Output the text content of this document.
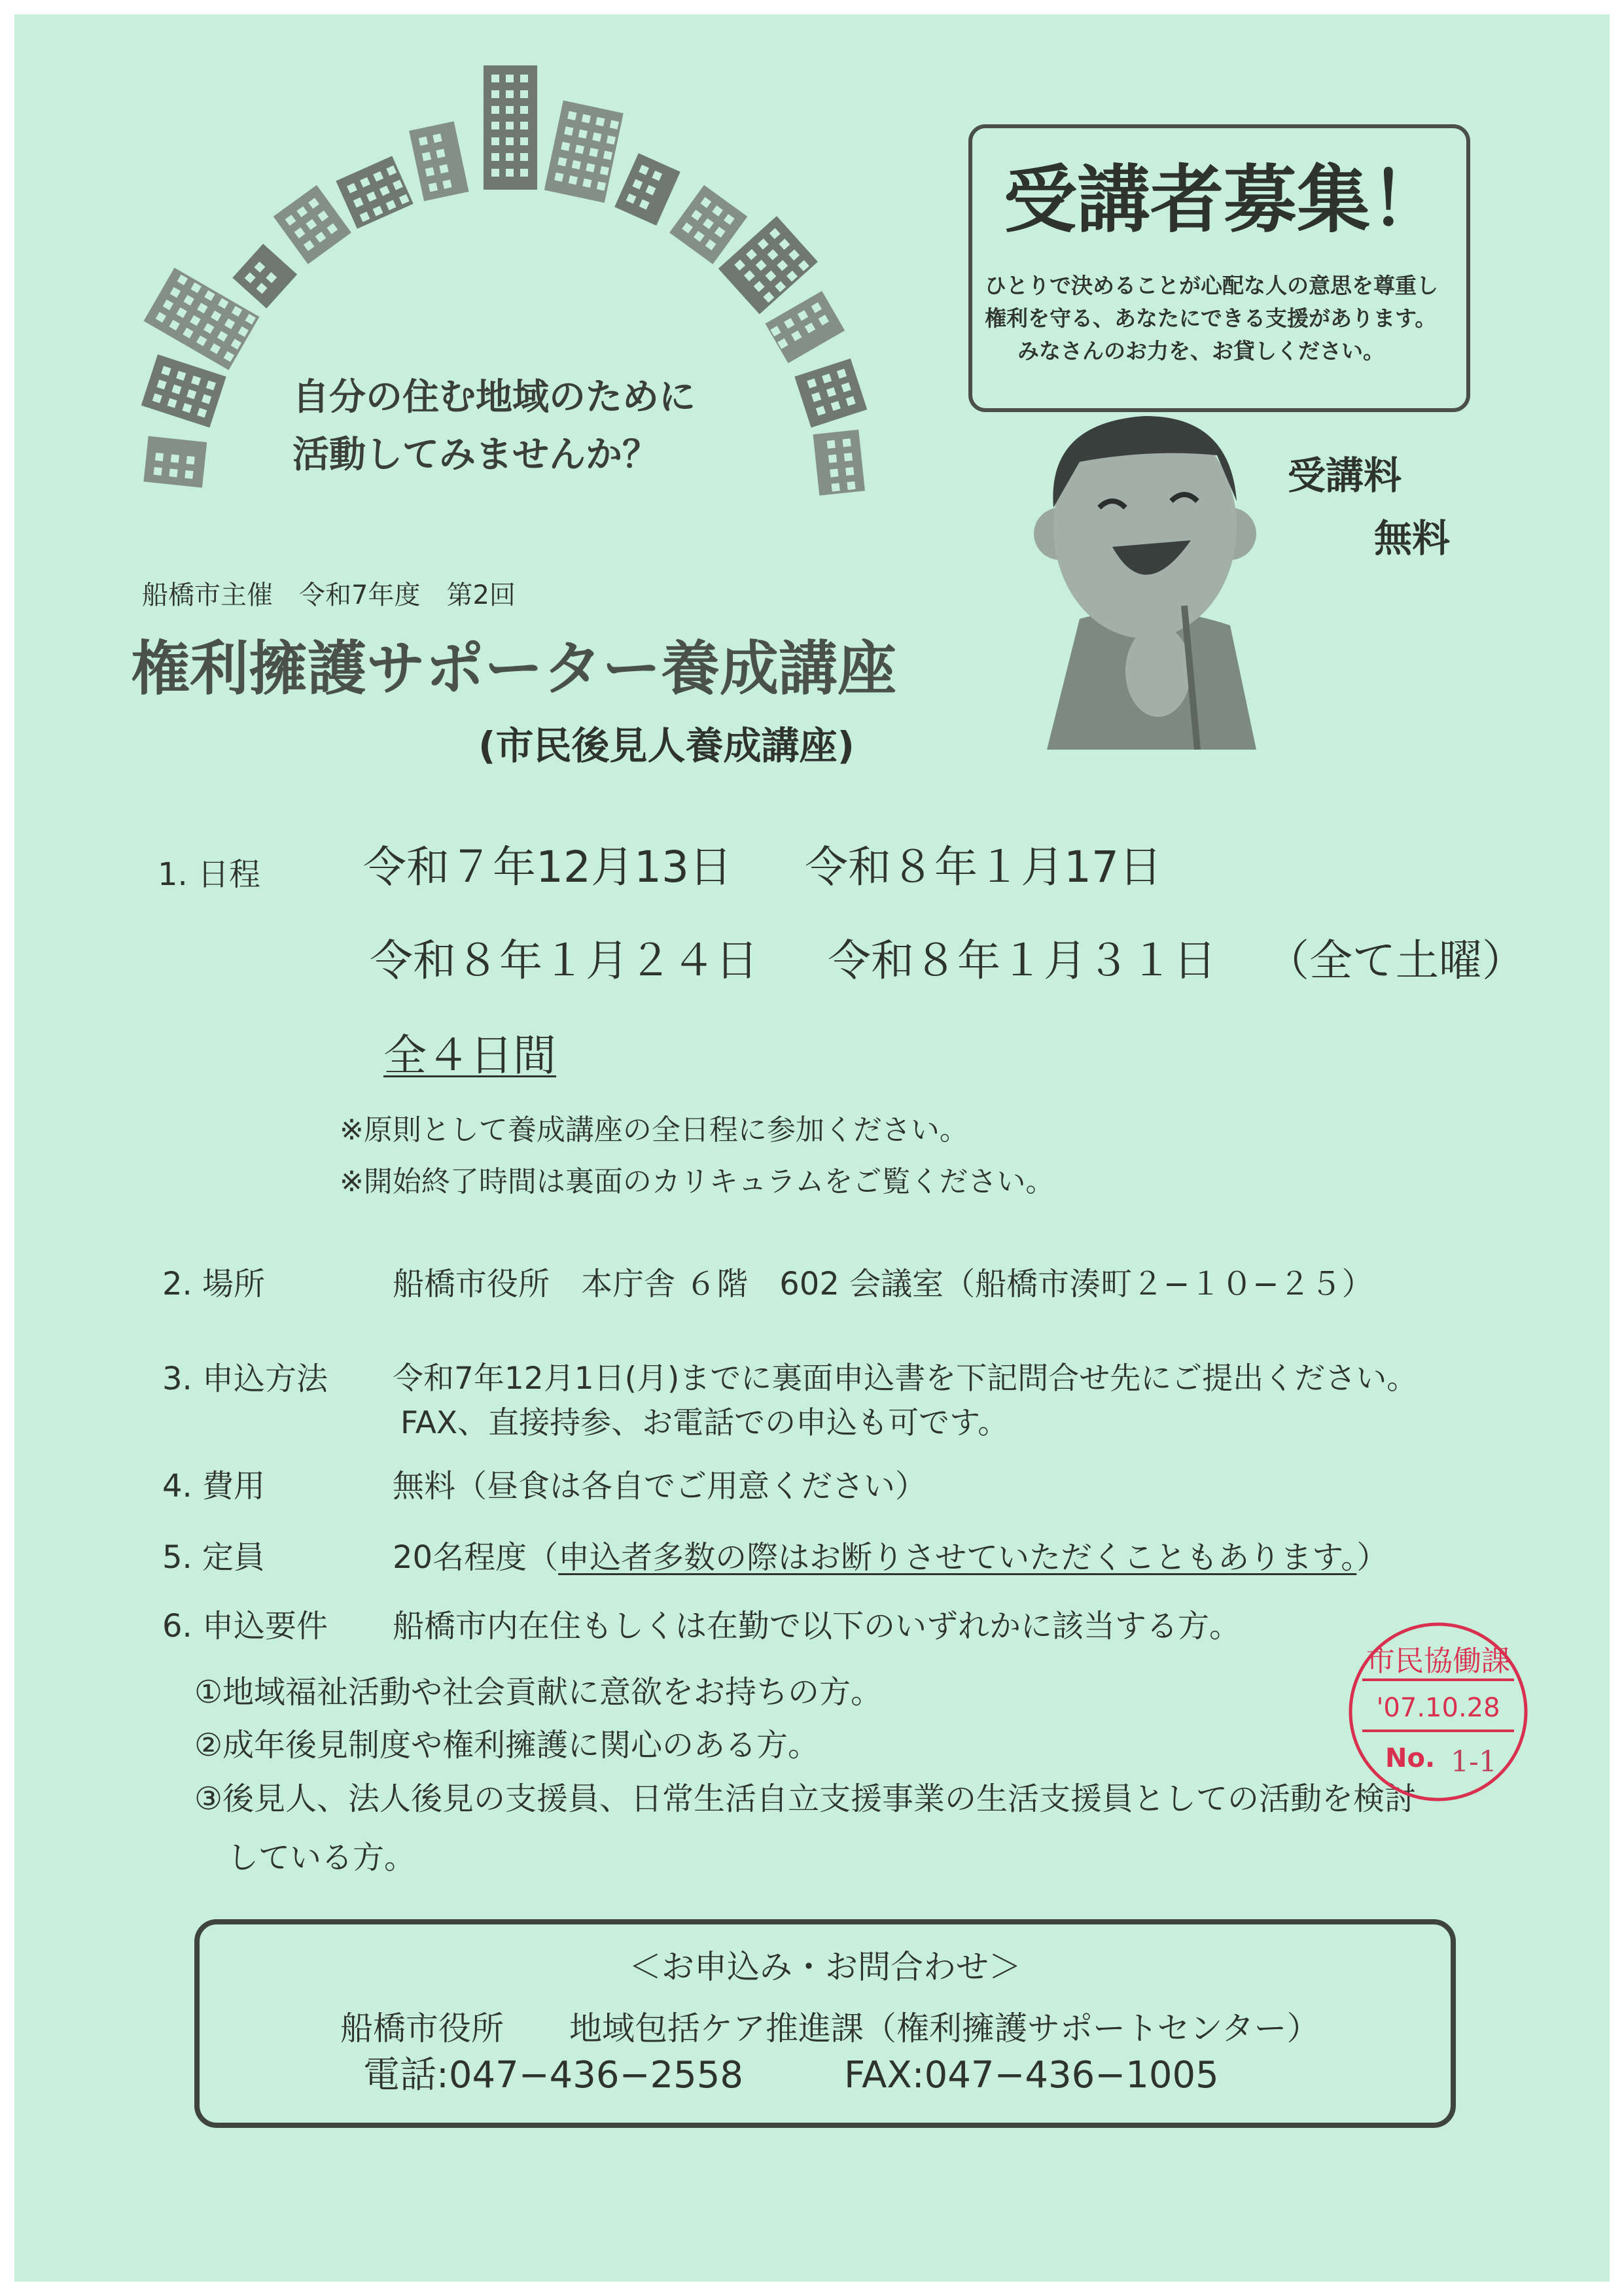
自分の住む地域のために
活動してみませんか？
受講者募集！
ひとりで決めることが心配な人の意思を尊重し
権利を守る、あなたにできる支援があります。
みなさんのお力を、お貸しください。
受講料
無料
船橋市主催　令和7年度　第2回
権利擁護サポーター養成講座
(市民後見人養成講座)
1. 日程 令和７年12月13日 令和８年１月17日
令和８年１月２４日 令和８年１月３１日 （全て土曜）
全４日間
※原則として養成講座の全日程に参加ください。
※開始終了時間は裏面のカリキュラムをご覧ください。
2. 場所	船橋市役所　本庁舎 ６階　602 会議室（船橋市湊町２−１０−２５）
3. 申込方法 令和7年12月1日(月)までに裏面申込書を下記問合せ先にご提出ください。
FAX、直接持参、お電話での申込も可です。
4. 費用	無料（昼食は各自でご用意ください）
5. 定員	20名程度（申込者多数の際はお断りさせていただくこともあります。）
6. 申込要件 船橋市内在住もしくは在勤で以下のいずれかに該当する方。
①地域福祉活動や社会貢献に意欲をお持ちの方。
②成年後見制度や権利擁護に関心のある方。
③後見人、法人後見の支援員、日常生活自立支援事業の生活支援員としての活動を検討
している方。
市民協働課
'07.10.28
No. 1-1
＜お申込み・お問合わせ＞
船橋市役所　　地域包括ケア推進課（権利擁護サポートセンター）
電話:047−436−2558	FAX:047−436−1005
